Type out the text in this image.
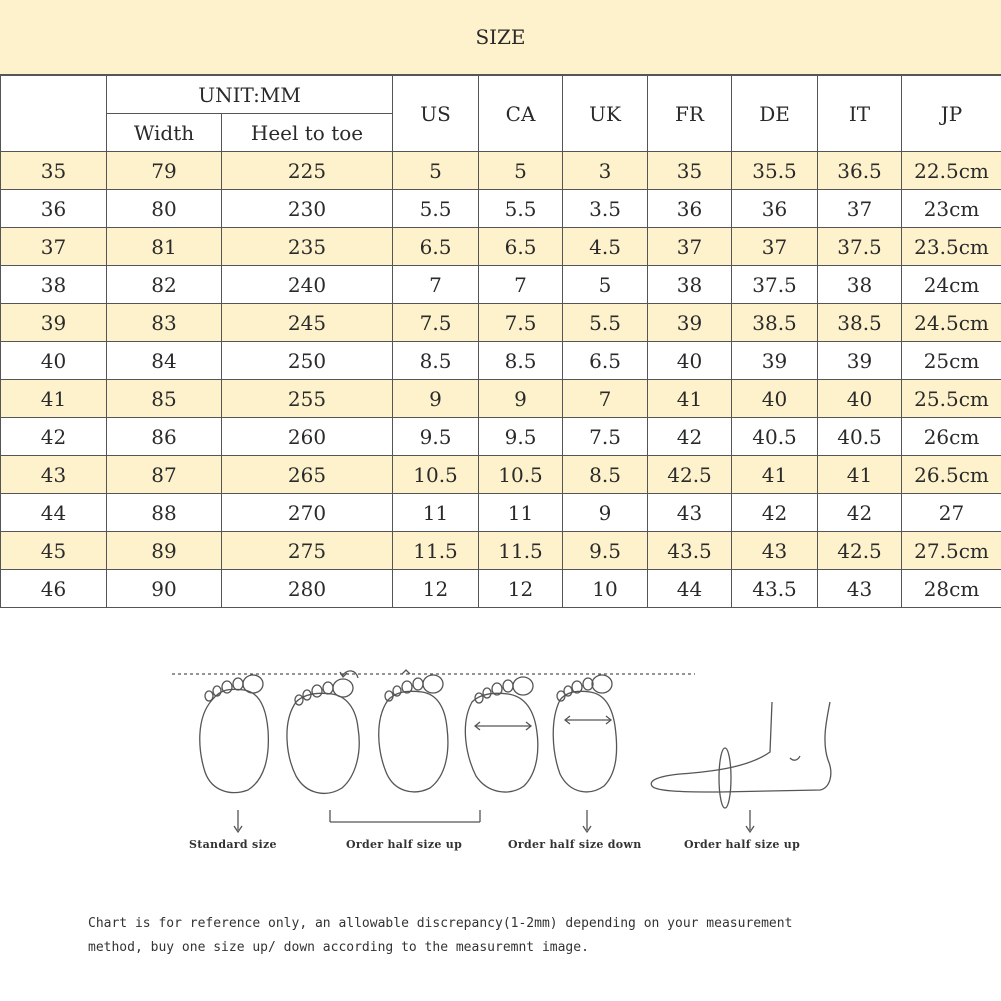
SIZE
	UNIT:MM		US	CA	UK	FR	DE	IT	JP
	Width	Heel to toe							
35	79	225	5	5	3	35	35.5	36.5	22.5cm
36	80	230	5.5	5.5	3.5	36	36	37	23cm
37	81	235	6.5	6.5	4.5	37	37	37.5	23.5cm
38	82	240	7	7	5	38	37.5	38	24cm
39	83	245	7.5	7.5	5.5	39	38.5	38.5	24.5cm
40	84	250	8.5	8.5	6.5	40	39	39	25cm
41	85	255	9	9	7	41	40	40	25.5cm
42	86	260	9.5	9.5	7.5	42	40.5	40.5	26cm
43	87	265	10.5	10.5	8.5	42.5	41	41	26.5cm
44	88	270	11	11	9	43	42	42	27
45	89	275	11.5	11.5	9.5	43.5	43	42.5	27.5cm
46	90	280	12	12	10	44	43.5	43	28cm
Standard size	Order half size up	Order half size down	Order half size up
Chart is for reference only, an allowable discrepancy(1-2mm) depending on your measurement
method, buy one size up/ down according to the measuremnt image.
